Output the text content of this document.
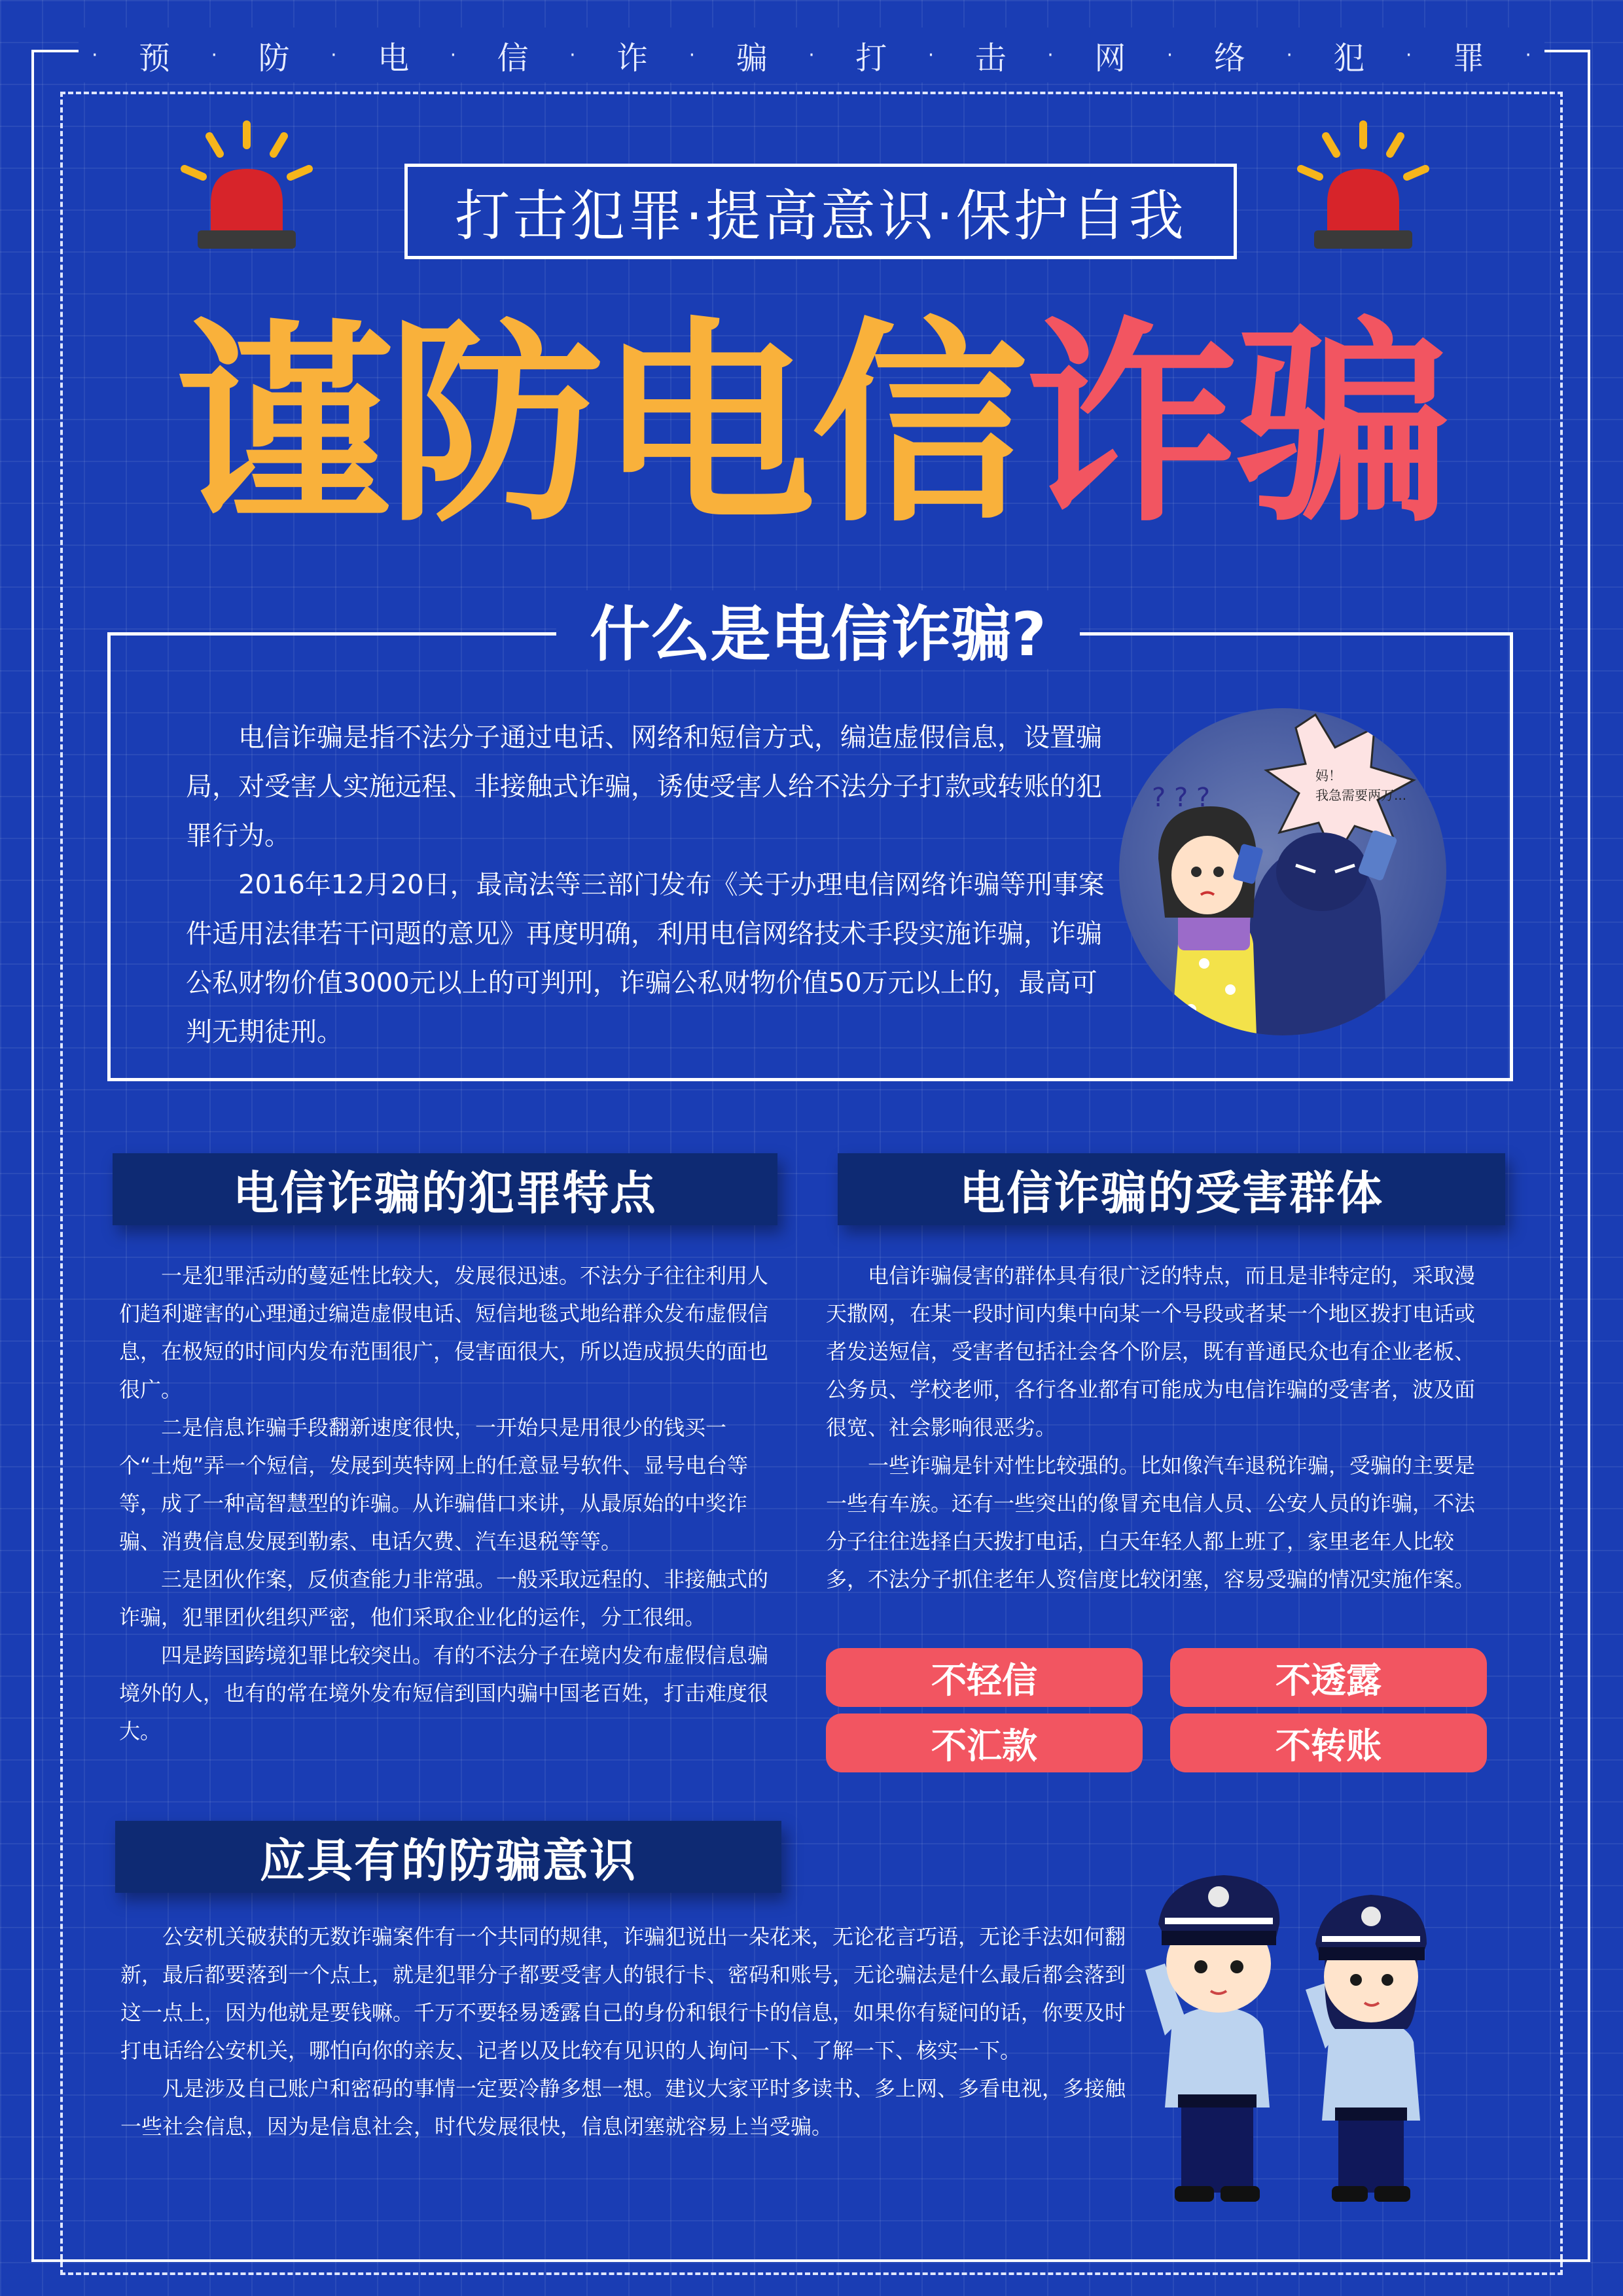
· 预 · 防 · 电 · 信 · 诈 · 骗 · 打 · 击 · 网 · 络 · 犯 · 罪 ·
打击犯罪·提高意识·保护自我
谨防电信 诈骗
什么是电信诈骗?

电信诈骗是指不法分子通过电话、网络和短信方式，编造虚假信息，设置骗局，对受害人实施远程、非接触式诈骗，诱使受害人给不法分子打款或转账的犯罪行为。

2016年12月20日，最高法等三部门发布《关于办理电信网络诈骗等刑事案件适用法律若干问题的意见》再度明确，利用电信网络技术手段实施诈骗，诈骗公私财物价值3000元以上的可判刑，诈骗公私财物价值50万元以上的，最高可判无期徒刑。

妈！
我急需要两万...
? ? ?
电信诈骗的犯罪特点

一是犯罪活动的蔓延性比较大，发展很迅速。不法分子往往利用人们趋利避害的心理通过编造虚假电话、短信地毯式地给群众发布虚假信息，在极短的时间内发布范围很广，侵害面很大，所以造成损失的面也很广。

二是信息诈骗手段翻新速度很快，一开始只是用很少的钱买一个“土炮”弄一个短信，发展到英特网上的任意显号软件、显号电台等等，成了一种高智慧型的诈骗。从诈骗借口来讲，从最原始的中奖诈骗、消费信息发展到勒索、电话欠费、汽车退税等等。

三是团伙作案，反侦查能力非常强。一般采取远程的、非接触式的诈骗，犯罪团伙组织严密，他们采取企业化的运作，分工很细。

四是跨国跨境犯罪比较突出。有的不法分子在境内发布虚假信息骗境外的人，也有的常在境外发布短信到国内骗中国老百姓，打击难度很大。

电信诈骗的受害群体

电信诈骗侵害的群体具有很广泛的特点，而且是非特定的，采取漫天撒网，在某一段时间内集中向某一个号段或者某一个地区拨打电话或者发送短信，受害者包括社会各个阶层，既有普通民众也有企业老板、公务员、学校老师，各行各业都有可能成为电信诈骗的受害者，波及面很宽、社会影响很恶劣。

一些诈骗是针对性比较强的。比如像汽车退税诈骗，受骗的主要是一些有车族。还有一些突出的像冒充电信人员、公安人员的诈骗，不法分子往往选择白天拨打电话，白天年轻人都上班了，家里老年人比较多，不法分子抓住老年人资信度比较闭塞，容易受骗的情况实施作案。

不轻信	不透露
不汇款	不转账
应具有的防骗意识

公安机关破获的无数诈骗案件有一个共同的规律，诈骗犯说出一朵花来，无论花言巧语，无论手法如何翻新，最后都要落到一个点上，就是犯罪分子都要受害人的银行卡、密码和账号，无论骗法是什么最后都会落到这一点上，因为他就是要钱嘛。千万不要轻易透露自己的身份和银行卡的信息，如果你有疑问的话，你要及时打电话给公安机关，哪怕向你的亲友、记者以及比较有见识的人询问一下、了解一下、核实一下。

凡是涉及自己账户和密码的事情一定要冷静多想一想。建议大家平时多读书、多上网、多看电视，多接触一些社会信息，因为是信息社会，时代发展很快，信息闭塞就容易上当受骗。
